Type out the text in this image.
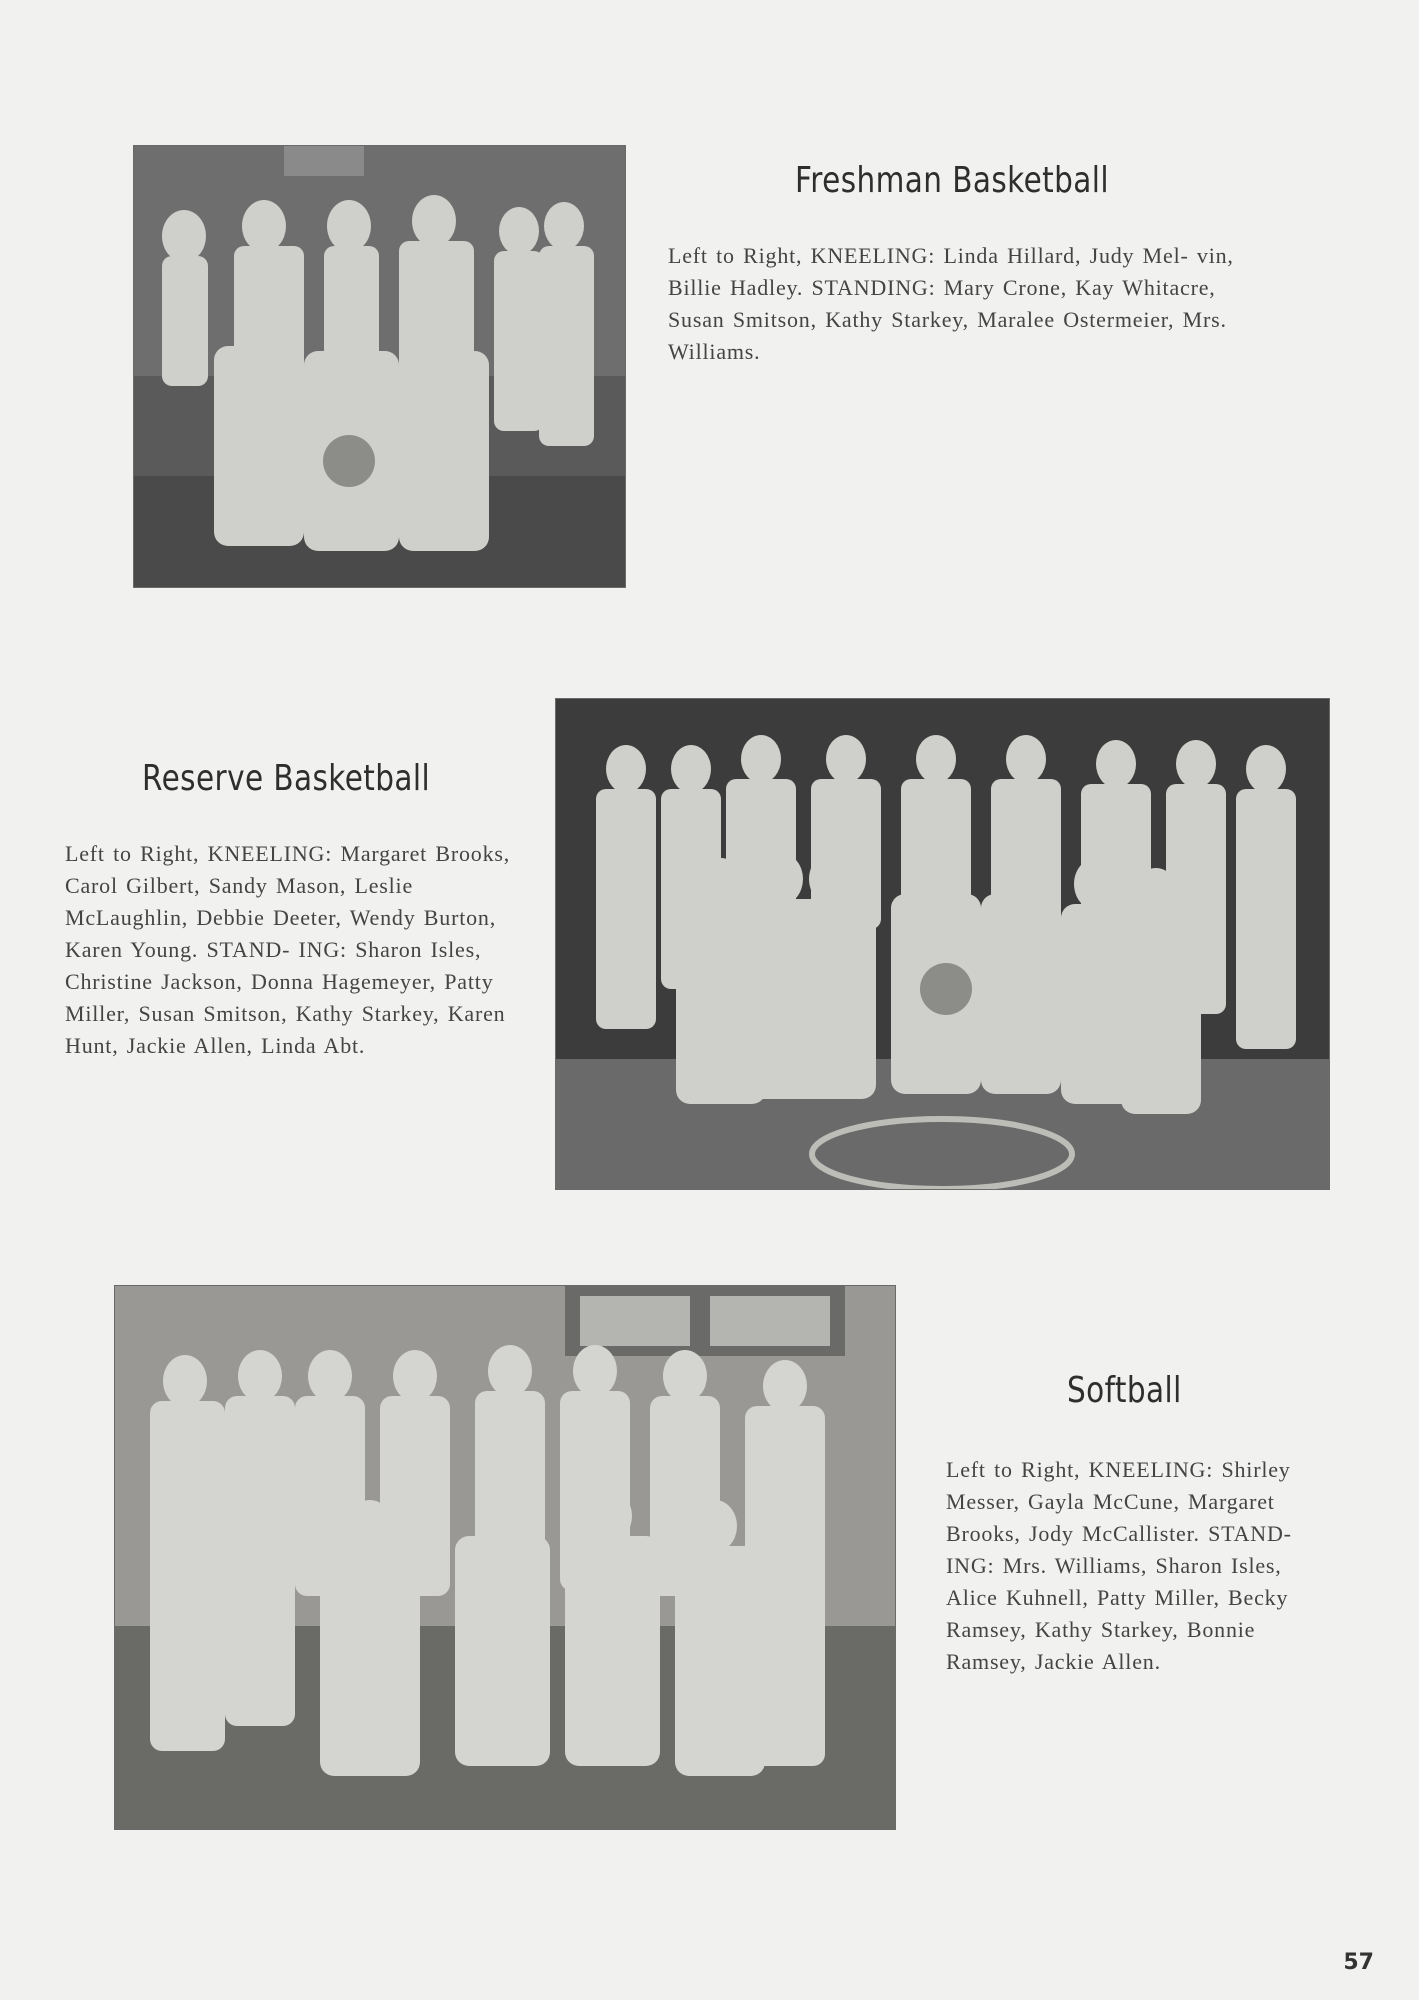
Freshman Basketball

Left to Right, KNEELING: Linda Hillard, Judy Mel- vin, Billie Hadley. STANDING: Mary Crone, Kay Whitacre, Susan Smitson, Kathy Starkey, Maralee Ostermeier, Mrs. Williams.

Reserve Basketball

Left to Right, KNEELING: Margaret Brooks, Carol Gilbert, Sandy Mason, Leslie McLaughlin, Debbie Deeter, Wendy Burton, Karen Young. STAND- ING: Sharon Isles, Christine Jackson, Donna Hagemeyer, Patty Miller, Susan Smitson, Kathy Starkey, Karen Hunt, Jackie Allen, Linda Abt.

Softball

Left to Right, KNEELING: Shirley Messer, Gayla McCune, Margaret Brooks, Jody McCallister. STAND- ING: Mrs. Williams, Sharon Isles, Alice Kuhnell, Patty Miller, Becky Ramsey, Kathy Starkey, Bonnie Ramsey, Jackie Allen.

57
